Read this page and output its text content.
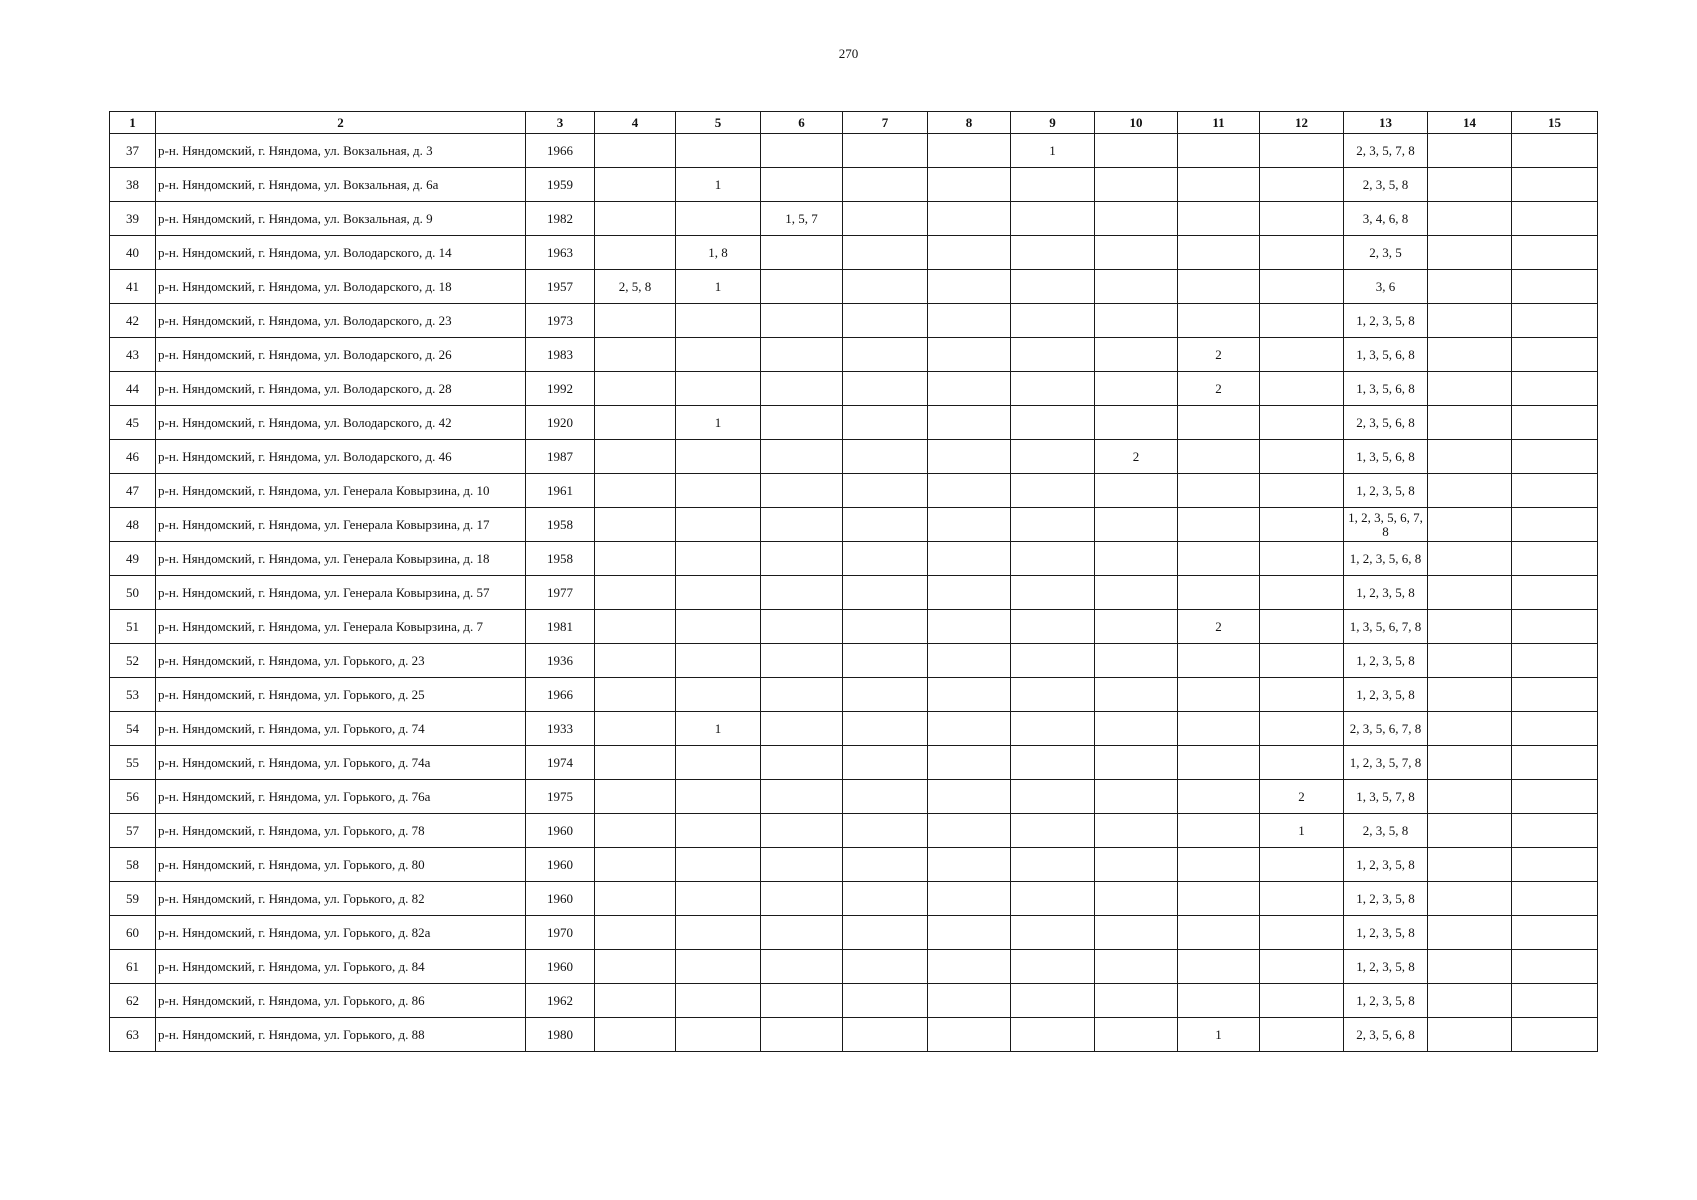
270
1	2	3	4	5	6	7	8	9	10	11	12	13	14	15
37	р-н. Няндомский, г. Няндома, ул. Вокзальная, д. 3	1966						1				2, 3, 5, 7, 8		
38	р-н. Няндомский, г. Няндома, ул. Вокзальная, д. 6а	1959		1								2, 3, 5, 8		
39	р-н. Няндомский, г. Няндома, ул. Вокзальная, д. 9	1982			1, 5, 7							3, 4, 6, 8		
40	р-н. Няндомский, г. Няндома, ул. Володарского, д. 14	1963		1, 8								2, 3, 5		
41	р-н. Няндомский, г. Няндома, ул. Володарского, д. 18	1957	2, 5, 8	1								3, 6		
42	р-н. Няндомский, г. Няндома, ул. Володарского, д. 23	1973										1, 2, 3, 5, 8		
43	р-н. Няндомский, г. Няндома, ул. Володарского, д. 26	1983								2		1, 3, 5, 6, 8		
44	р-н. Няндомский, г. Няндома, ул. Володарского, д. 28	1992								2		1, 3, 5, 6, 8		
45	р-н. Няндомский, г. Няндома, ул. Володарского, д. 42	1920		1								2, 3, 5, 6, 8		
46	р-н. Няндомский, г. Няндома, ул. Володарского, д. 46	1987							2			1, 3, 5, 6, 8		
47	р-н. Няндомский, г. Няндома, ул. Генерала Ковырзина, д. 10	1961										1, 2, 3, 5, 8		
48	р-н. Няндомский, г. Няндома, ул. Генерала Ковырзина, д. 17	1958										1, 2, 3, 5, 6, 7, 8		
49	р-н. Няндомский, г. Няндома, ул. Генерала Ковырзина, д. 18	1958										1, 2, 3, 5, 6, 8		
50	р-н. Няндомский, г. Няндома, ул. Генерала Ковырзина, д. 57	1977										1, 2, 3, 5, 8		
51	р-н. Няндомский, г. Няндома, ул. Генерала Ковырзина, д. 7	1981								2		1, 3, 5, 6, 7, 8		
52	р-н. Няндомский, г. Няндома, ул. Горького, д. 23	1936										1, 2, 3, 5, 8		
53	р-н. Няндомский, г. Няндома, ул. Горького, д. 25	1966										1, 2, 3, 5, 8		
54	р-н. Няндомский, г. Няндома, ул. Горького, д. 74	1933		1								2, 3, 5, 6, 7, 8		
55	р-н. Няндомский, г. Няндома, ул. Горького, д. 74а	1974										1, 2, 3, 5, 7, 8		
56	р-н. Няндомский, г. Няндома, ул. Горького, д. 76а	1975									2	1, 3, 5, 7, 8		
57	р-н. Няндомский, г. Няндома, ул. Горького, д. 78	1960									1	2, 3, 5, 8		
58	р-н. Няндомский, г. Няндома, ул. Горького, д. 80	1960										1, 2, 3, 5, 8		
59	р-н. Няндомский, г. Няндома, ул. Горького, д. 82	1960										1, 2, 3, 5, 8		
60	р-н. Няндомский, г. Няндома, ул. Горького, д. 82а	1970										1, 2, 3, 5, 8		
61	р-н. Няндомский, г. Няндома, ул. Горького, д. 84	1960										1, 2, 3, 5, 8		
62	р-н. Няндомский, г. Няндома, ул. Горького, д. 86	1962										1, 2, 3, 5, 8		
63	р-н. Няндомский, г. Няндома, ул. Горького, д. 88	1980								1		2, 3, 5, 6, 8		
